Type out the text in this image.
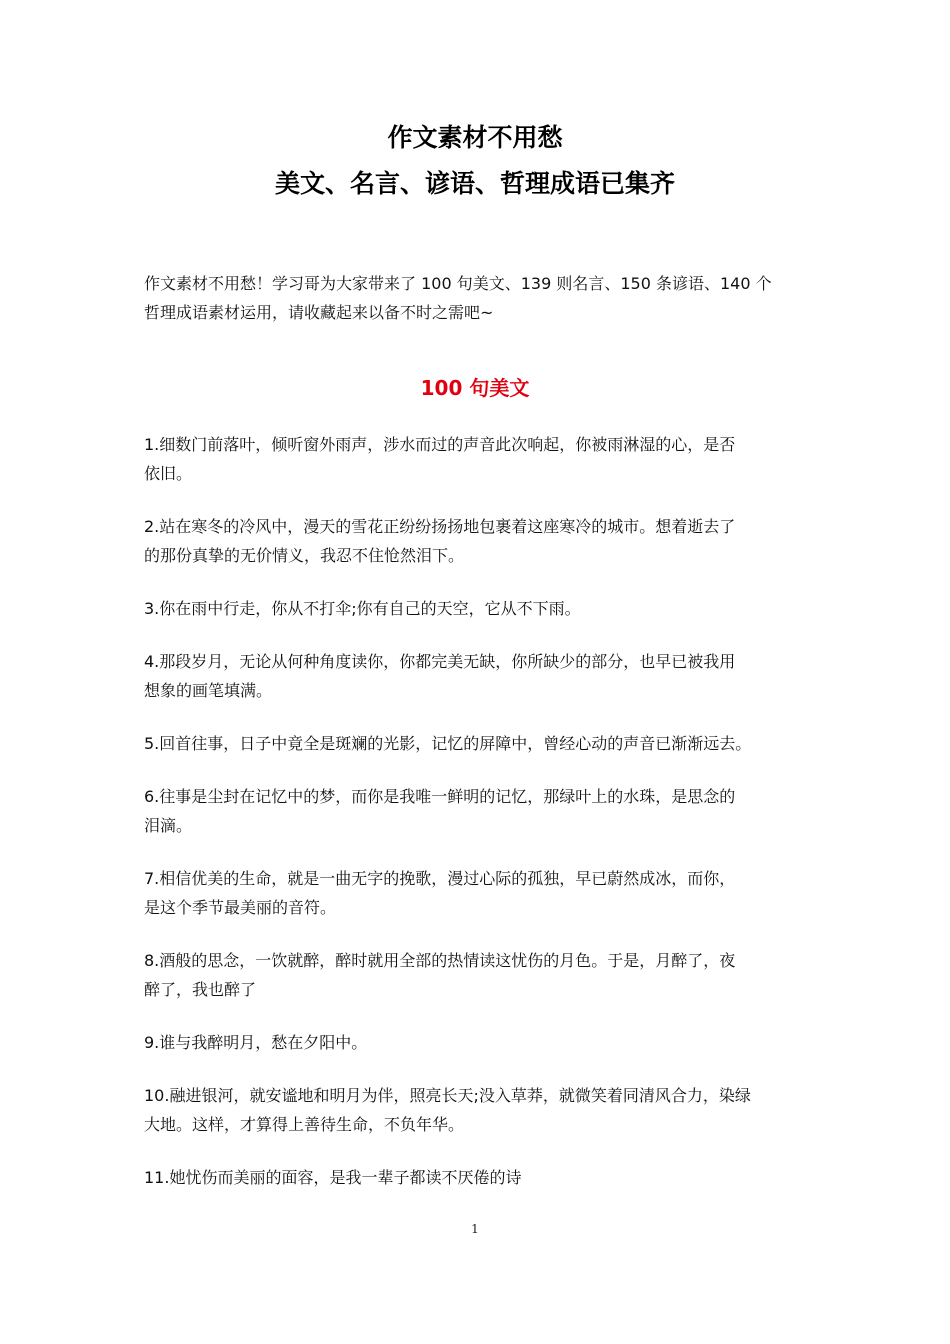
作文素材不用愁
美文、名言、谚语、哲理成语已集齐
作文素材不用愁！学习哥为大家带来了 100 句美文、139 则名言、150 条谚语、140 个
哲理成语素材运用，请收藏起来以备不时之需吧~
100 句美文
1.细数门前落叶，倾听窗外雨声，涉水而过的声音此次响起，你被雨淋湿的心，是否
依旧。
2.站在寒冬的冷风中，漫天的雪花正纷纷扬扬地包裹着这座寒冷的城市。想着逝去了
的那份真挚的无价情义，我忍不住怆然泪下。
3.你在雨中行走，你从不打伞;你有自己的天空，它从不下雨。
4.那段岁月，无论从何种角度读你，你都完美无缺，你所缺少的部分，也早已被我用
想象的画笔填满。
5.回首往事，日子中竟全是斑斓的光影，记忆的屏障中，曾经心动的声音已渐渐远去。
6.往事是尘封在记忆中的梦，而你是我唯一鲜明的记忆，那绿叶上的水珠，是思念的
泪滴。
7.相信优美的生命，就是一曲无字的挽歌，漫过心际的孤独，早已蔚然成冰，而你，
是这个季节最美丽的音符。
8.酒般的思念，一饮就醉，醉时就用全部的热情读这忧伤的月色。于是，月醉了，夜
醉了，我也醉了
9.谁与我醉明月，愁在夕阳中。
10.融进银河，就安谧地和明月为伴，照亮长天;没入草莽，就微笑着同清风合力，染绿
大地。这样，才算得上善待生命，不负年华。
11.她忧伤而美丽的面容，是我一辈子都读不厌倦的诗
1
